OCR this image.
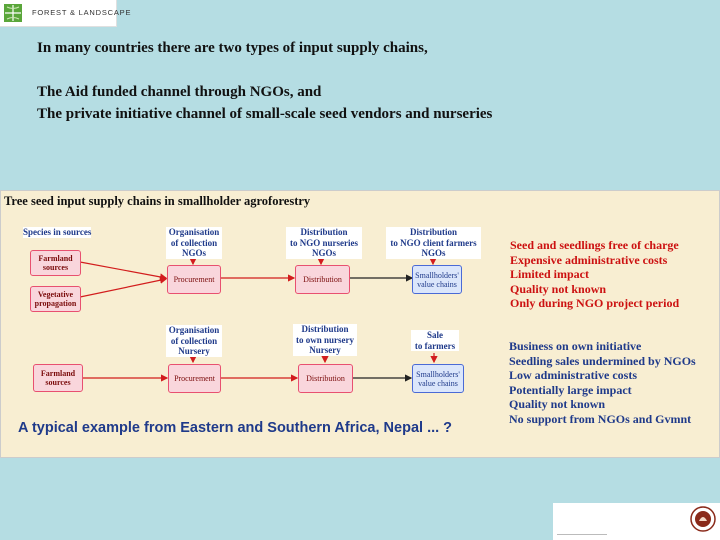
FOREST & LANDSCAPE
In many countries there are two types of input supply chains,
The Aid funded channel through NGOs, and
The private initiative channel of small-scale seed vendors and nurseries
Tree seed input supply chains in smallholder agroforestry
Species in sources	Organisation
of collection
NGOs
Distribution
to NGO nurseries
NGOs
Distribution
to NGO client farmers
NGOs
Farmland
sources
Vegetative
propagation
Procurement	Distribution	Smallholders'
value chains
Organisation
of collection
Nursery
Distribution
to own nursery
Nursery
Sale
to farmers
Farmland
sources	Procurement	Distribution	Smallholders'
value chains
Seed and seedlings free of charge
Expensive administrative costs
Limited impact
Quality not known
Only during NGO project period
Business on own initiative
Seedling sales undermined by NGOs
Low administrative costs
Potentially large impact
Quality not known
No support from NGOs and Gvmnt
A typical example from Eastern and Southern Africa, Nepal ... ?
